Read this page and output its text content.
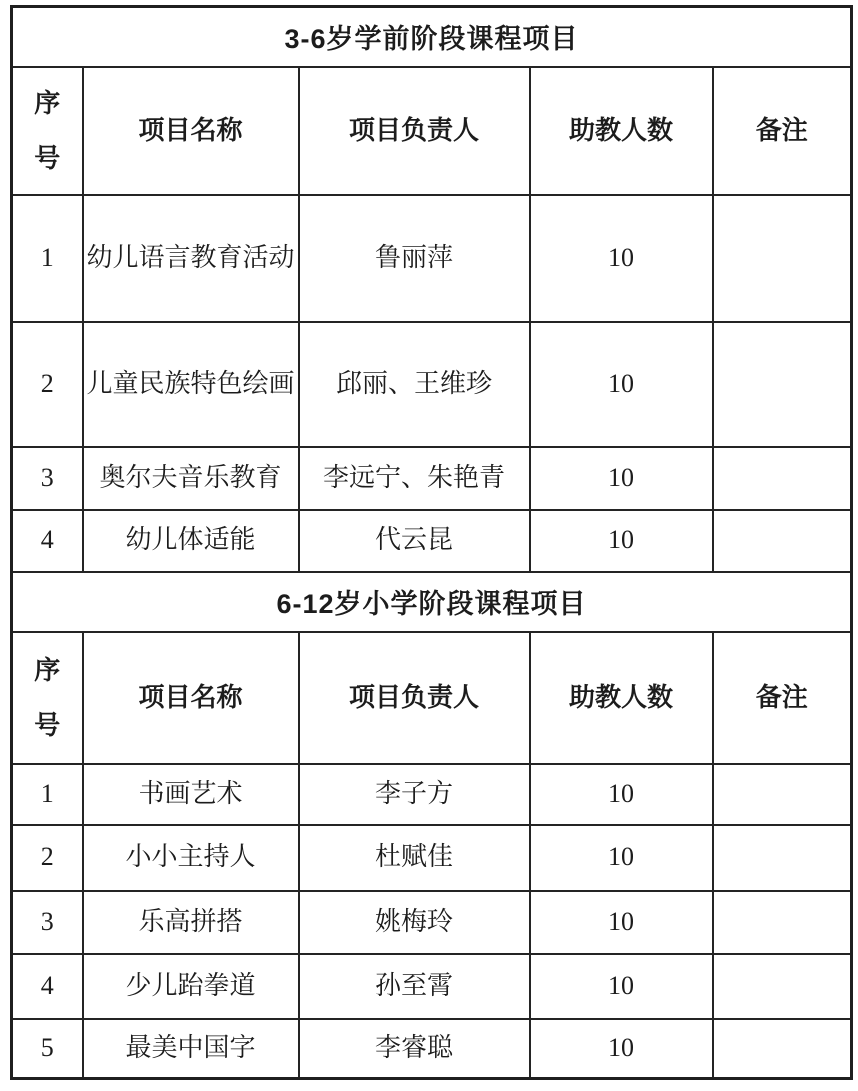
3-6岁学前阶段课程项目				

序号	项目名称	项目负责人	助教人数	备注
1	幼儿语言教育活动	鲁丽萍	10	
2	儿童民族特色绘画	邱丽、王维珍	10	
3	奥尔夫音乐教育	李远宁、朱艳青	10	
4	幼儿体适能	代云昆	10	
6-12岁小学阶段课程项目				

序号	项目名称	项目负责人	助教人数	备注
1	书画艺术	李子方	10	
2	小小主持人	杜赋佳	10	
3	乐高拼搭	姚梅玲	10	
4	少儿跆拳道	孙至霄	10	
5	最美中国字	李睿聪	10	
